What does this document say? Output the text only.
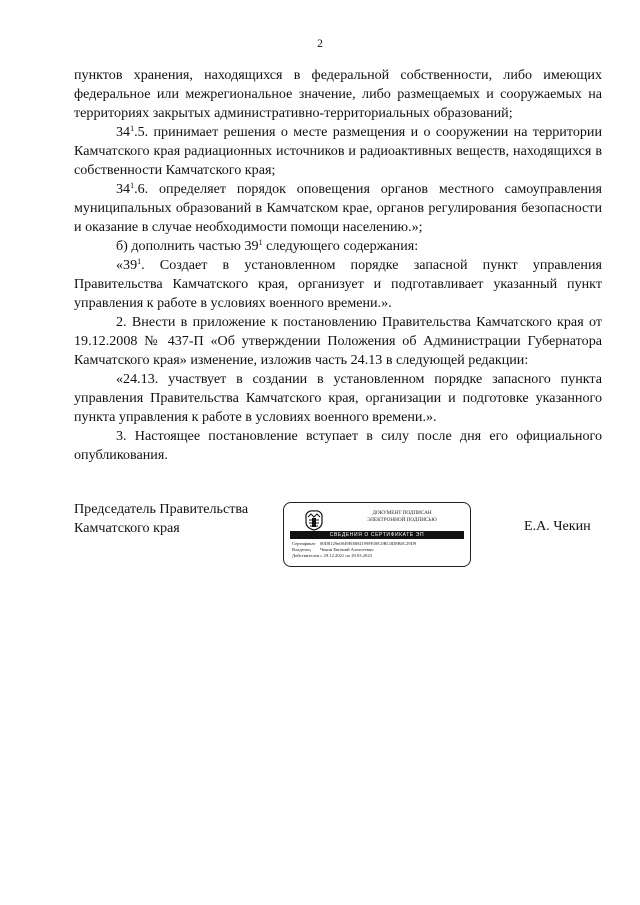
2

пунктов хранения, находящихся в федеральной собственности, либо имеющих федеральное или межрегиональное значение, либо размещаемых и сооружаемых на территориях закрытых административно-территориальных образований;

$34^1.5$. принимает решения о месте размещения и о сооружении на территории Камчатского края радиационных источников и радиоактивных веществ, находящихся в собственности Камчатского края;

$34^1.6$. определяет порядок оповещения органов местного самоуправления муниципальных образований в Камчатском крае, органов регулирования безопасности и оказание в случае необходимости помощи населению.»;

б) дополнить частью $39^1$ следующего содержания:

«$39^1$. Создает в установленном порядке запасной пункт управления Правительства Камчатского края, организует и подготавливает указанный пункт управления к работе в условиях военного времени.».

2. Внести в приложение к постановлению Правительства Камчатского края от 19.12.2008 № 437-П «Об утверждении Положения об Администрации Губернатора Камчатского края» изменение, изложив часть 24.13 в следующей редакции:

«24.13. участвует в создании в установленном порядке запасного пункта управления Правительства Камчатского края, организации и подготовке указанного пункта управления к работе в условиях военного времени.».

3. Настоящее постановление вступает в силу после дня его официального опубликования.

Председатель Правительства
Камчатского края
ДОКУМЕНТ ПОДПИСАН
ЭЛЕКТРОННОЙ ПОДПИСЬЮ
СВЕДЕНИЯ О СЕРТИФИКАТЕ ЭП
Сертификат 00D8129n0049E00B4199FE00C0BC0D8B0C29D9
Владелец Чекин Евгений Алексеевич
Действителен с 29.12.2021 по 29.03.2023
Е.А. Чекин
